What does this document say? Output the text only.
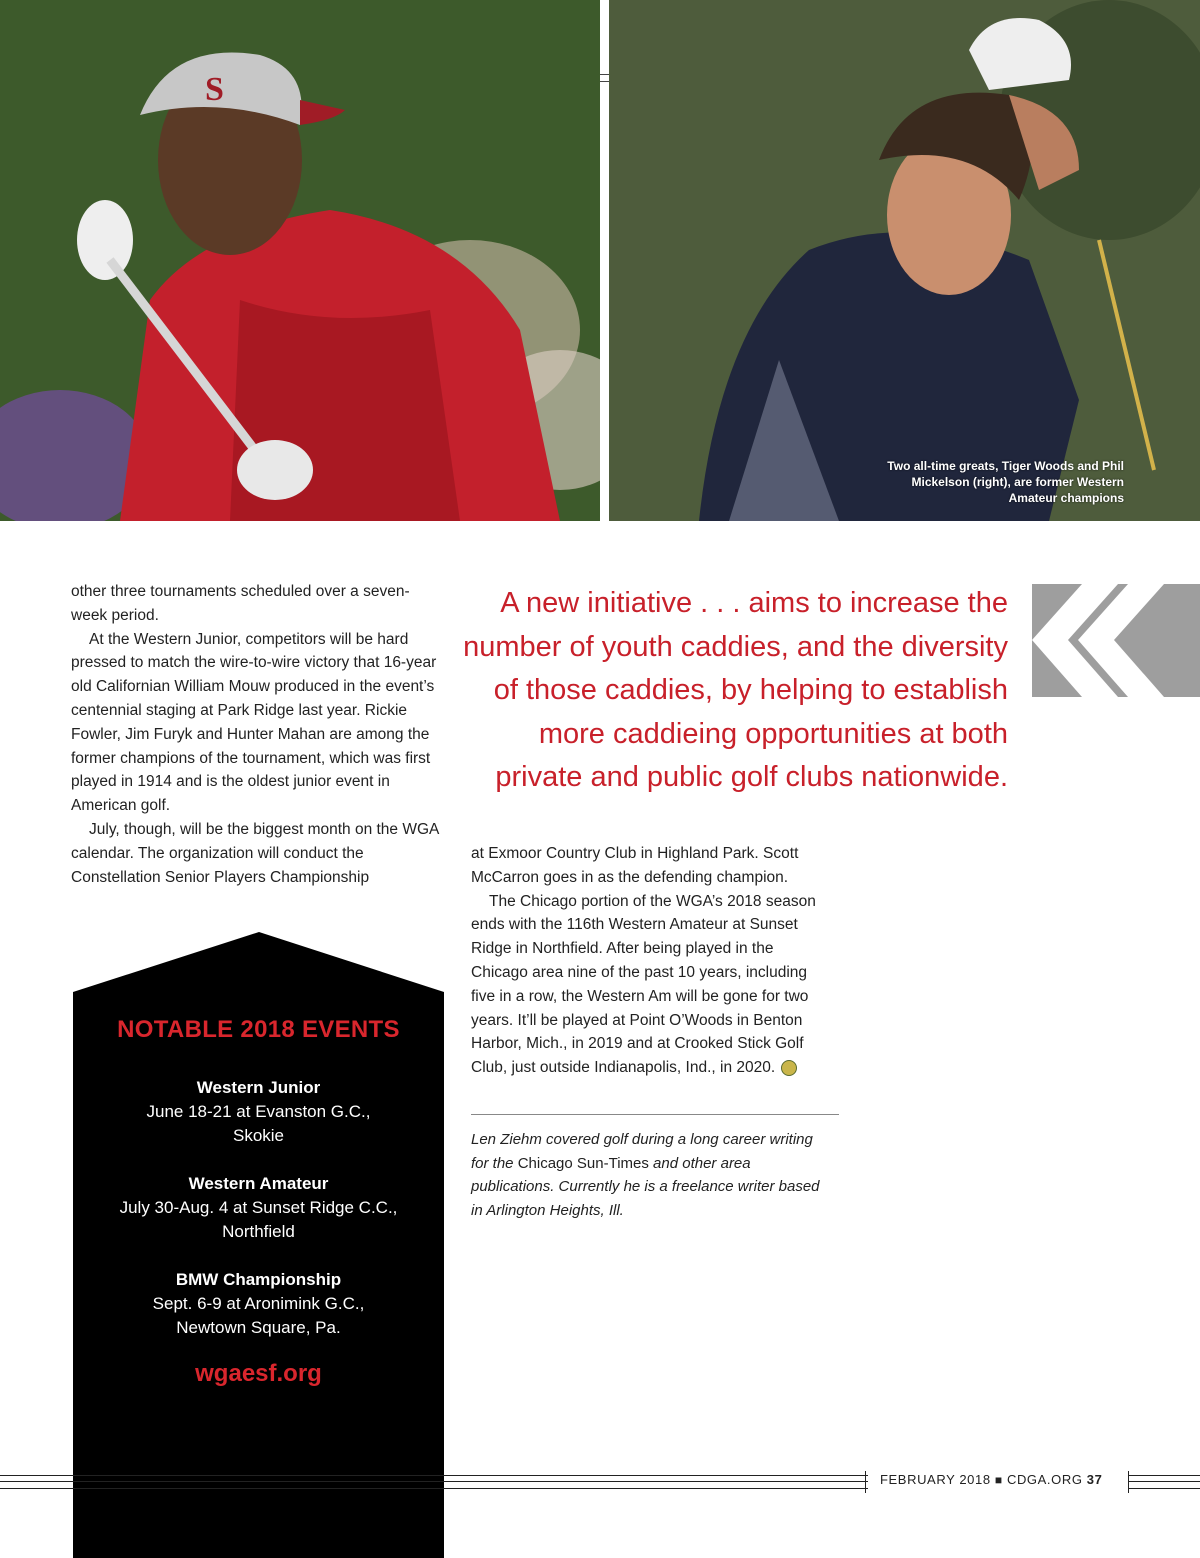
S
Two all-time greats, Tiger Woods and Phil Mickelson (right), are former Western Amateur champions

other three tournaments scheduled over a seven-week period.

At the Western Junior, competitors will be hard pressed to match the wire-to-wire victory that 16-year old Californian William Mouw produced in the event’s centennial staging at Park Ridge last year. Rickie Fowler, Jim Furyk and Hunter Mahan are among the former champions of the tournament, which was first played in 1914 and is the oldest junior event in American golf.

July, though, will be the biggest month on the WGA calendar. The organization will conduct the Constellation Senior Players Championship

A new initiative . . . aims to increase the number of youth caddies, and the diversity of those caddies, by helping to establish more caddieing opportunities at both private and public golf clubs nationwide.

at Exmoor Country Club in Highland Park. Scott McCarron goes in as the defending champion.

The Chicago portion of the WGA’s 2018 season ends with the 116th Western Amateur at Sunset Ridge in Northfield. After being played in the Chicago area nine of the past 10 years, including five in a row, the Western Am will be gone for two years. It’ll be played at Point O’Woods in Benton Harbor, Mich., in 2019 and at Crooked Stick Golf Club, just outside Indianapolis, Ind., in 2020.

Len Ziehm covered golf during a long career writing for the Chicago Sun-Times and other area publications. Currently he is a freelance writer based in Arlington Heights, Ill.
NOTABLE 2018 EVENTS
Western Junior
June 18-21 at Evanston G.C.,
Skokie
Western Amateur
July 30-Aug. 4 at Sunset Ridge C.C.,
Northfield
BMW Championship
Sept. 6-9 at Aronimink G.C.,
Newtown Square, Pa.
wgaesf.org
FEBRUARY 2018 ■ CDGA.ORG 37
